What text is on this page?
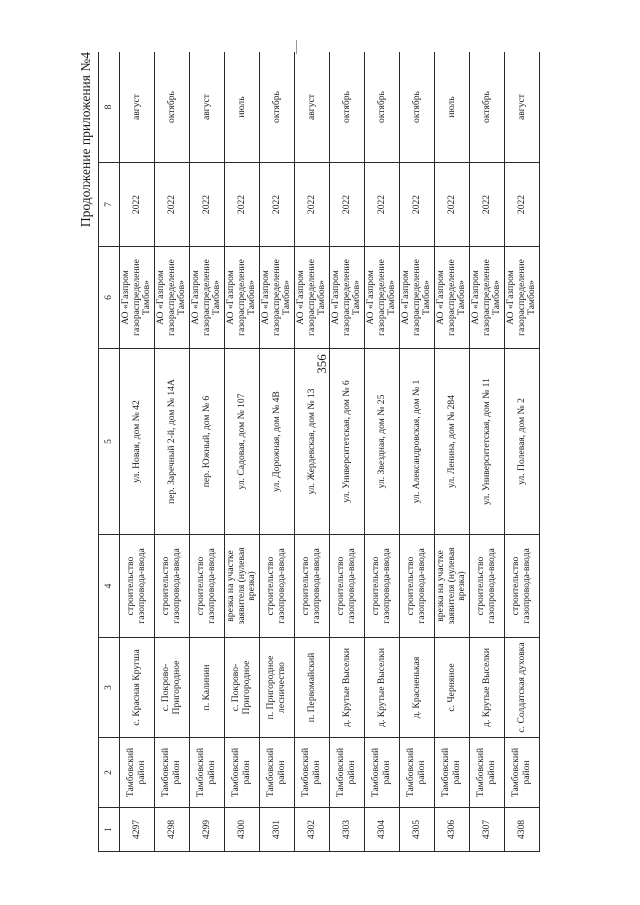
356
Продолжение приложения №4
1	2	3	4	5	6	7	8
4297	Тамбовский район	с. Красная Кругша	строительство газопровода-ввода	ул. Новая, дом № 42	АО «Газпром газораспределение Тамбов»	2022	август
4298	Тамбовский район	с. Покрово-Пригородное	строительство газопровода-ввода	пер. Заречный 2-й, дом № 14А	АО «Газпром газораспределение Тамбов»	2022	октябрь
4299	Тамбовский район	п. Калинин	строительство газопровода-ввода	пер. Южный, дом № 6	АО «Газпром газораспределение Тамбов»	2022	август
4300	Тамбовский район	с. Покрово-Пригородное	врезка на участке заявителя (нулевая врезка)	ул. Садовая, дом № 107	АО «Газпром газораспределение Тамбов»	2022	июль
4301	Тамбовский район	п. Пригородное лесничество	строительство газопровода-ввода	ул. Дорожная, дом № 4В	АО «Газпром газораспределение Тамбов»	2022	октябрь
4302	Тамбовский район	п. Первомайский	строительство газопровода-ввода	ул. Жердевская, дом № 13	АО «Газпром газораспределение Тамбов»	2022	август
4303	Тамбовский район	д. Крутые Выселки	строительство газопровода-ввода	ул. Университетская, дом № 6	АО «Газпром газораспределение Тамбов»	2022	октябрь
4304	Тамбовский район	д. Крутые Выселки	строительство газопровода-ввода	ул. Звездная, дом № 25	АО «Газпром газораспределение Тамбов»	2022	октябрь
4305	Тамбовский район	д. Красненькая	строительство газопровода-ввода	ул. Александровская, дом № 1	АО «Газпром газораспределение Тамбов»	2022	октябрь
4306	Тамбовский район	с. Черняное	врезка на участке заявителя (нулевая врезка)	ул. Ленина, дом № 284	АО «Газпром газораспределение Тамбов»	2022	июль
4307	Тамбовский район	д. Крутые Выселки	строительство газопровода-ввода	ул. Университетская, дом № 11	АО «Газпром газораспределение Тамбов»	2022	октябрь
4308	Тамбовский район	с. Солдатская духовка	строительство газопровода-ввода	ул. Полевая, дом № 2	АО «Газпром газораспределение Тамбов»	2022	август
